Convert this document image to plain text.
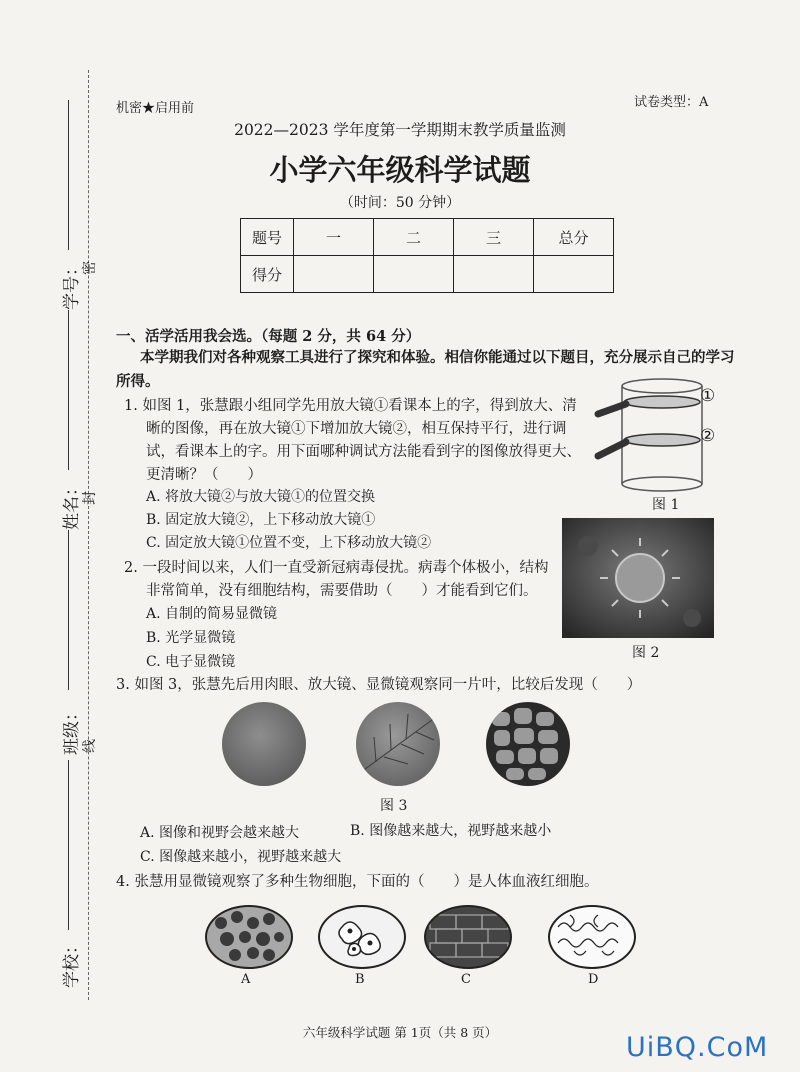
学号：
姓名：
班级：
学校：
密
封
线
机密★启用前	试卷类型：A
2022—2023 学年度第一学期期末教学质量监测
小学六年级科学试题
（时间：50 分钟）
题号	一	二	三	总分
得分				
一、活学活用我会选。（每题 2 分，共 64 分）
本学期我们对各种观察工具进行了探究和体验。相信你能通过以下题目，充分展示自己的学习
所得。
1. 如图 1，张慧跟小组同学先用放大镜①看课本上的字，得到放大、清
晰的图像，再在放大镜①下增加放大镜②，相互保持平行，进行调
试，看课本上的字。用下面哪种调试方法能看到字的图像放得更大、
更清晰？（　　）
A. 将放大镜②与放大镜①的位置交换
B. 固定放大镜②，上下移动放大镜①
C. 固定放大镜①位置不变，上下移动放大镜②
①
②
图 1
2. 一段时间以来，人们一直受新冠病毒侵扰。病毒个体极小，结构
非常简单，没有细胞结构，需要借助（　　）才能看到它们。
A. 自制的简易显微镜
B. 光学显微镜
C. 电子显微镜
图 2
3. 如图 3，张慧先后用肉眼、放大镜、显微镜观察同一片叶，比较后发现（　　）
图 3
A. 图像和视野会越来越大	B. 图像越来越大，视野越来越小
C. 图像越来越小，视野越来越大
4. 张慧用显微镜观察了多种生物细胞，下面的（　　）是人体血液红细胞。
A	B	C	D
六年级科学试题 第 1页（共 8 页）	UiBQ.CoM
